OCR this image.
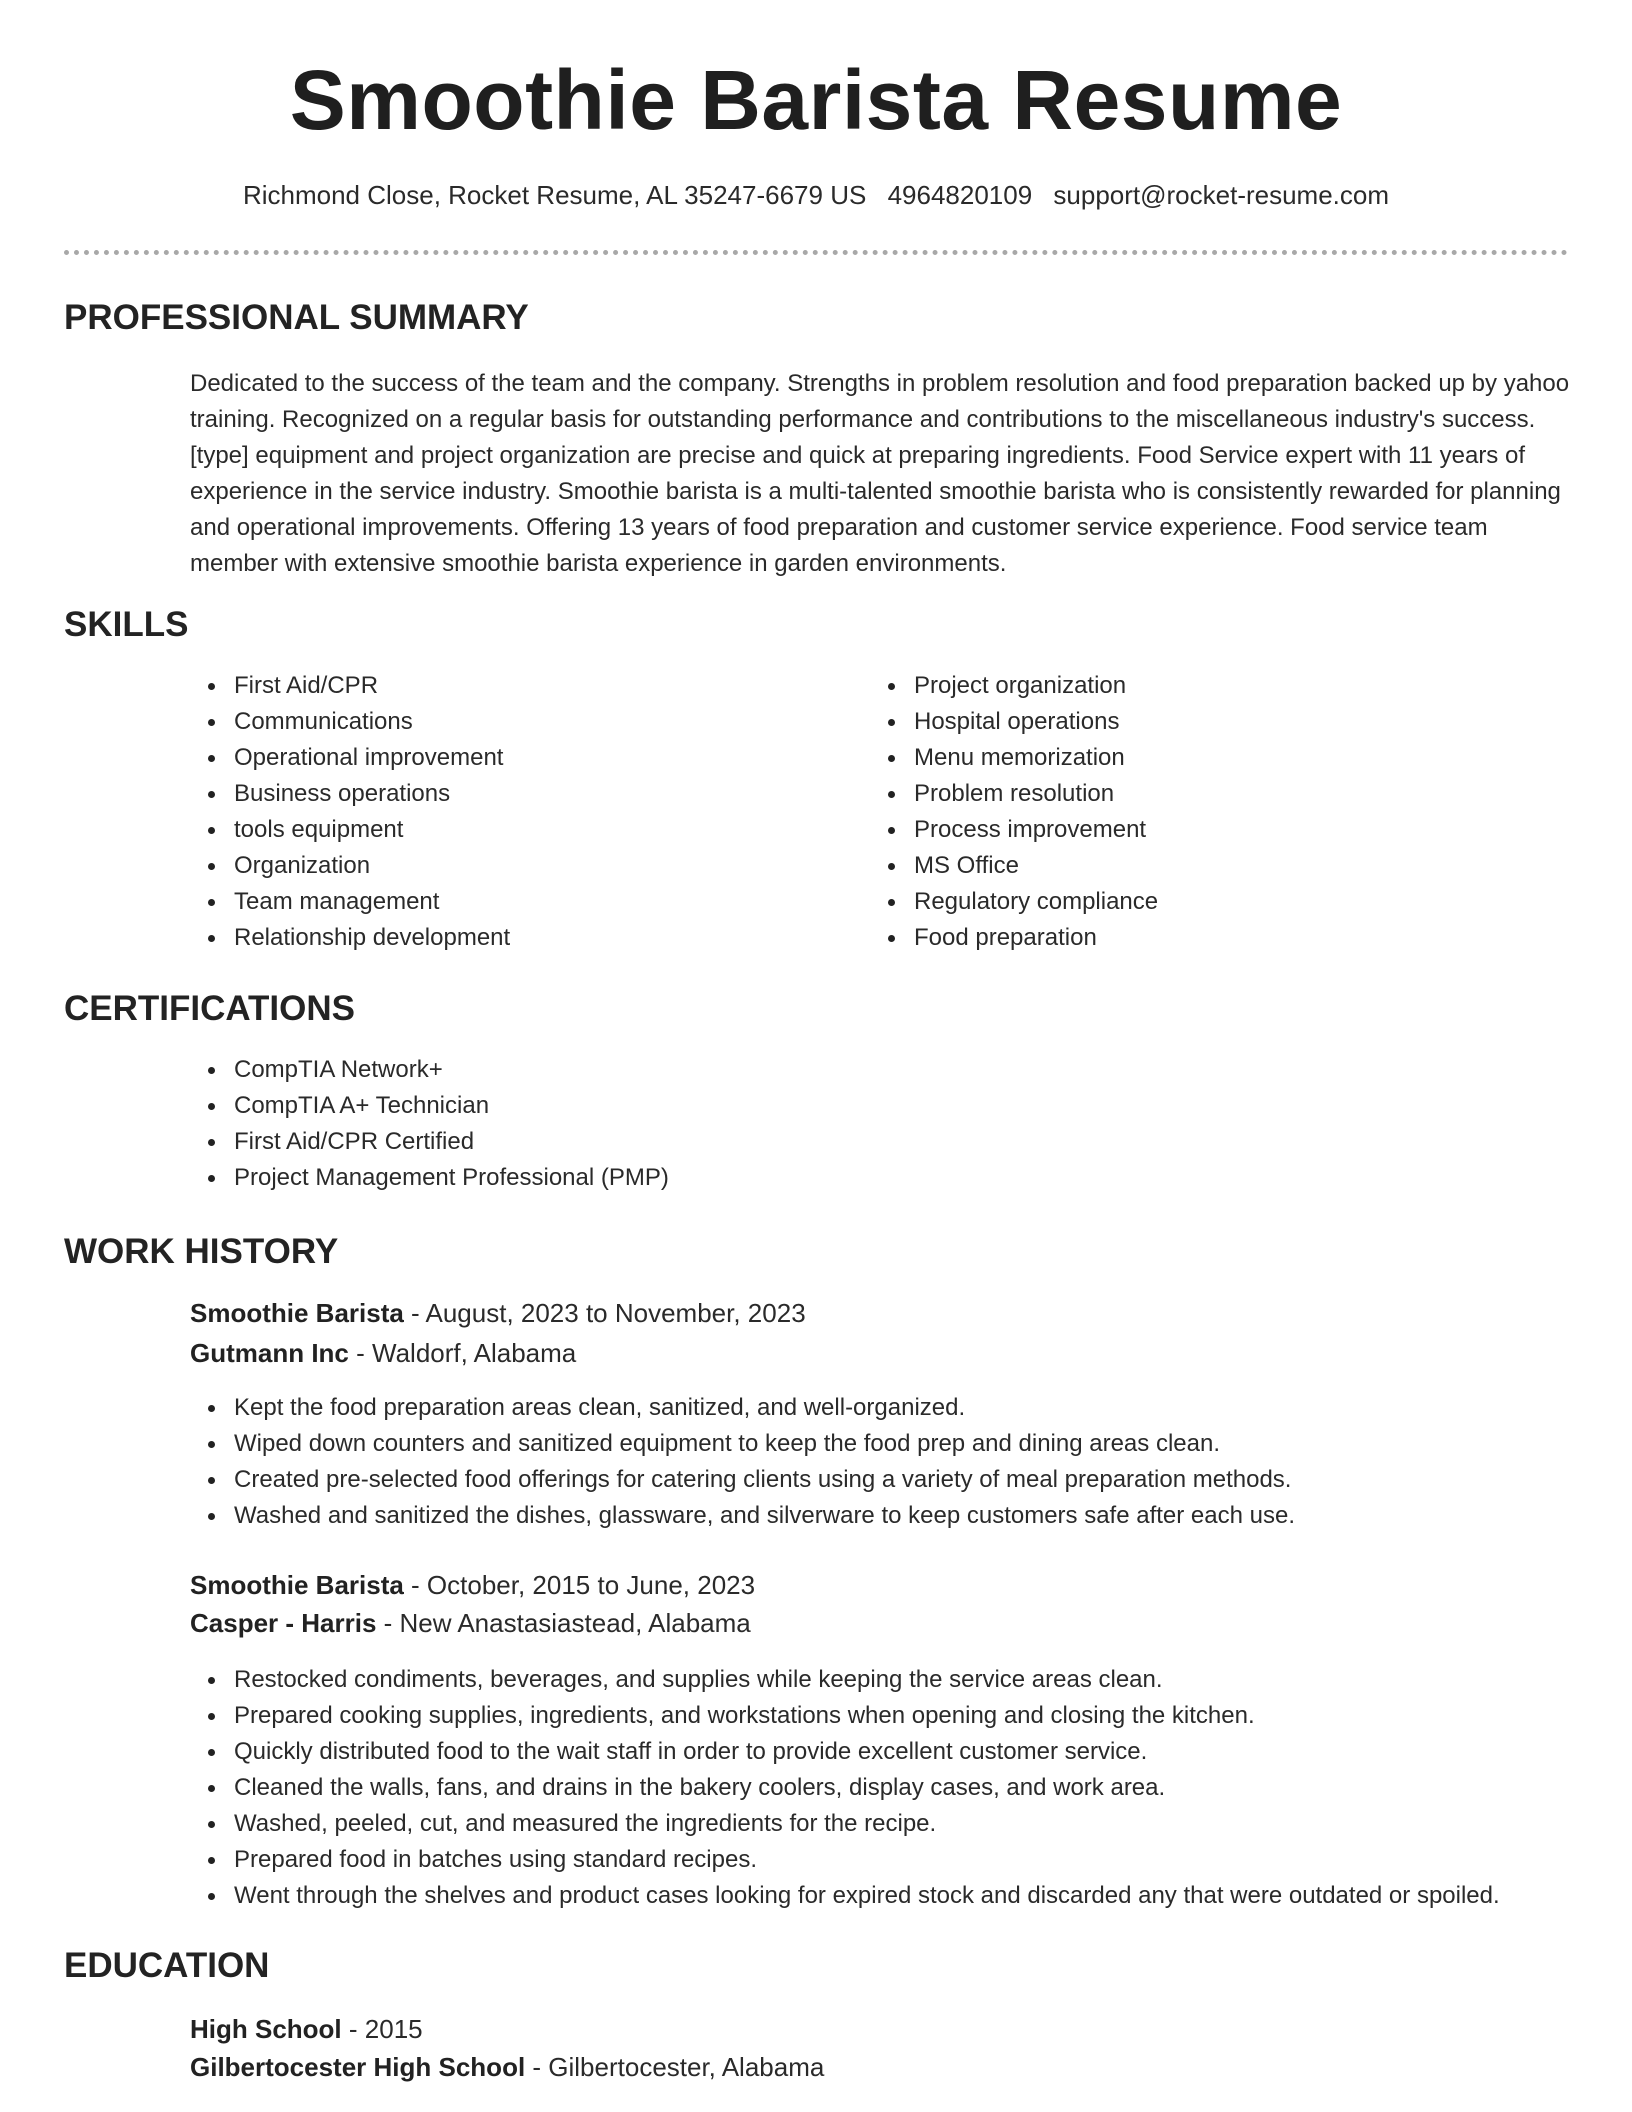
Smoothie Barista Resume
Richmond Close, Rocket Resume, AL 35247-6679 US 4964820109 support@rocket-resume.com
PROFESSIONAL SUMMARY

Dedicated to the success of the team and the company. Strengths in problem resolution and food preparation backed up by yahoo training. Recognized on a regular basis for outstanding performance and contributions to the miscellaneous industry's success. [type] equipment and project organization are precise and quick at preparing ingredients. Food Service expert with 11 years of experience in the service industry. Smoothie barista is a multi-talented smoothie barista who is consistently rewarded for planning and operational improvements. Offering 13 years of food preparation and customer service experience. Food service team member with extensive smoothie barista experience in garden environments.

SKILLS
First Aid/CPR
Communications
Operational improvement
Business operations
tools equipment
Organization
Team management
Relationship development
Project organization
Hospital operations
Menu memorization
Problem resolution
Process improvement
MS Office
Regulatory compliance
Food preparation
CERTIFICATIONS
CompTIA Network+
CompTIA A+ Technician
First Aid/CPR Certified
Project Management Professional (PMP)
WORK HISTORY
Smoothie Barista - August, 2023 to November, 2023
Gutmann Inc - Waldorf, Alabama
Kept the food preparation areas clean, sanitized, and well-organized.
Wiped down counters and sanitized equipment to keep the food prep and dining areas clean.
Created pre-selected food offerings for catering clients using a variety of meal preparation methods.
Washed and sanitized the dishes, glassware, and silverware to keep customers safe after each use.
Smoothie Barista - October, 2015 to June, 2023
Casper - Harris - New Anastasiastead, Alabama
Restocked condiments, beverages, and supplies while keeping the service areas clean.
Prepared cooking supplies, ingredients, and workstations when opening and closing the kitchen.
Quickly distributed food to the wait staff in order to provide excellent customer service.
Cleaned the walls, fans, and drains in the bakery coolers, display cases, and work area.
Washed, peeled, cut, and measured the ingredients for the recipe.
Prepared food in batches using standard recipes.
Went through the shelves and product cases looking for expired stock and discarded any that were outdated or spoiled.
EDUCATION
High School - 2015
Gilbertocester High School - Gilbertocester, Alabama
